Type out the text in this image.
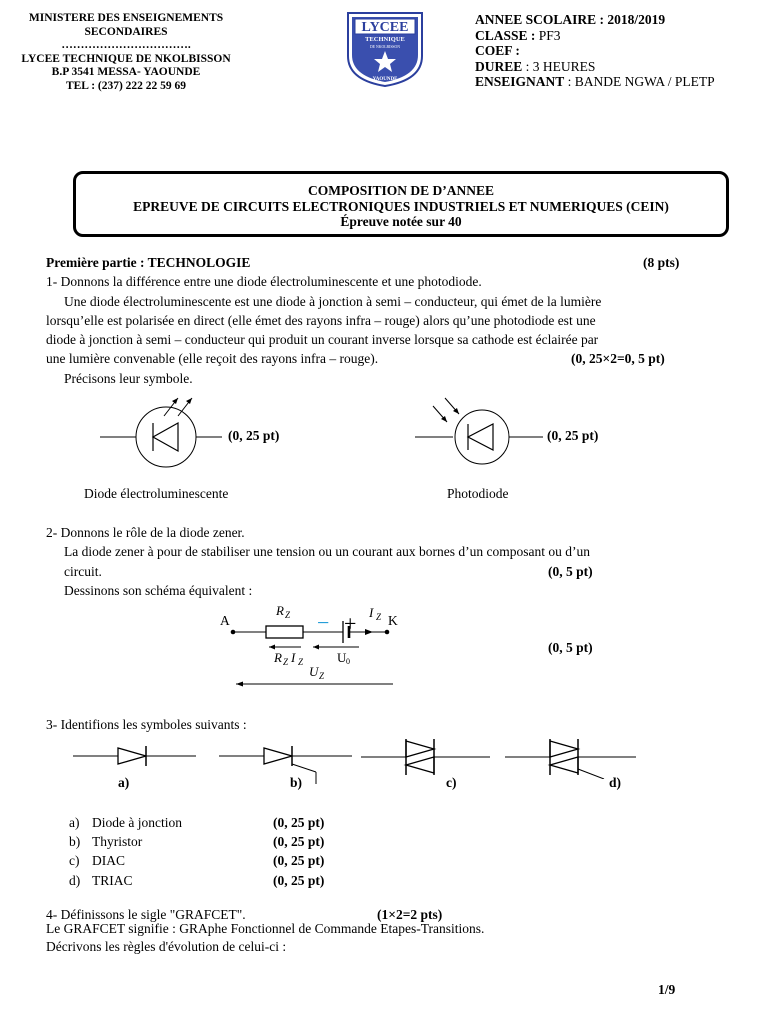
MINISTERE DES ENSEIGNEMENTS
SECONDAIRES
…………………………….
LYCEE TECHNIQUE DE NKOLBISSON
B.P 3541 MESSA- YAOUNDE
TEL : (237) 222 22 59 69
LYCEE
TECHNIQUE
DE NKOLBISSON
YAOUNDE
ANNEE SCOLAIRE : 2018/2019
CLASSE : PF3
COEF :
DUREE : 3 HEURES
ENSEIGNANT : BANDE NGWA / PLETP
COMPOSITION DE D’ANNEE
EPREUVE DE CIRCUITS ELECTRONIQUES INDUSTRIELS ET NUMERIQUES (CEIN)
Épreuve notée sur 40
Première partie : TECHNOLOGIE	(8 pts)
1- Donnons la différence entre une diode électroluminescente et une photodiode.
Une diode électroluminescente est une diode à jonction à semi – conducteur, qui émet de la lumière
lorsqu’elle est polarisée en direct (elle émet des rayons infra – rouge) alors qu’une photodiode est une
diode à jonction à semi – conducteur qui produit un courant inverse lorsque sa cathode est éclairée par
une lumière convenable (elle reçoit des rayons infra – rouge).	(0, 25×2=0, 5 pt)
Précisons leur symbole.
(0, 25 pt)	(0, 25 pt)
Diode électroluminescente	Photodiode
2- Donnons le rôle de la diode zener.
La diode zener à pour de stabiliser une tension ou un courant aux bornes d’un composant ou d’un
circuit.	(0, 5 pt)
Dessinons son schéma équivalent :
A	K
R Z	I Z
− +
R Z I Z	U 0
U Z
(0, 5 pt)
3- Identifions les symboles suivants :
a)	b)	c)	d)
a) Diode à jonction	(0, 25 pt)
b) Thyristor	(0, 25 pt)
c) DIAC	(0, 25 pt)
d) TRIAC	(0, 25 pt)
4- Définissons le sigle "GRAFCET".	(1×2=2 pts)
Le GRAFCET signifie : GRAphe Fonctionnel de Commande Etapes-Transitions.
Décrivons les règles d'évolution de celui-ci :
1/9
